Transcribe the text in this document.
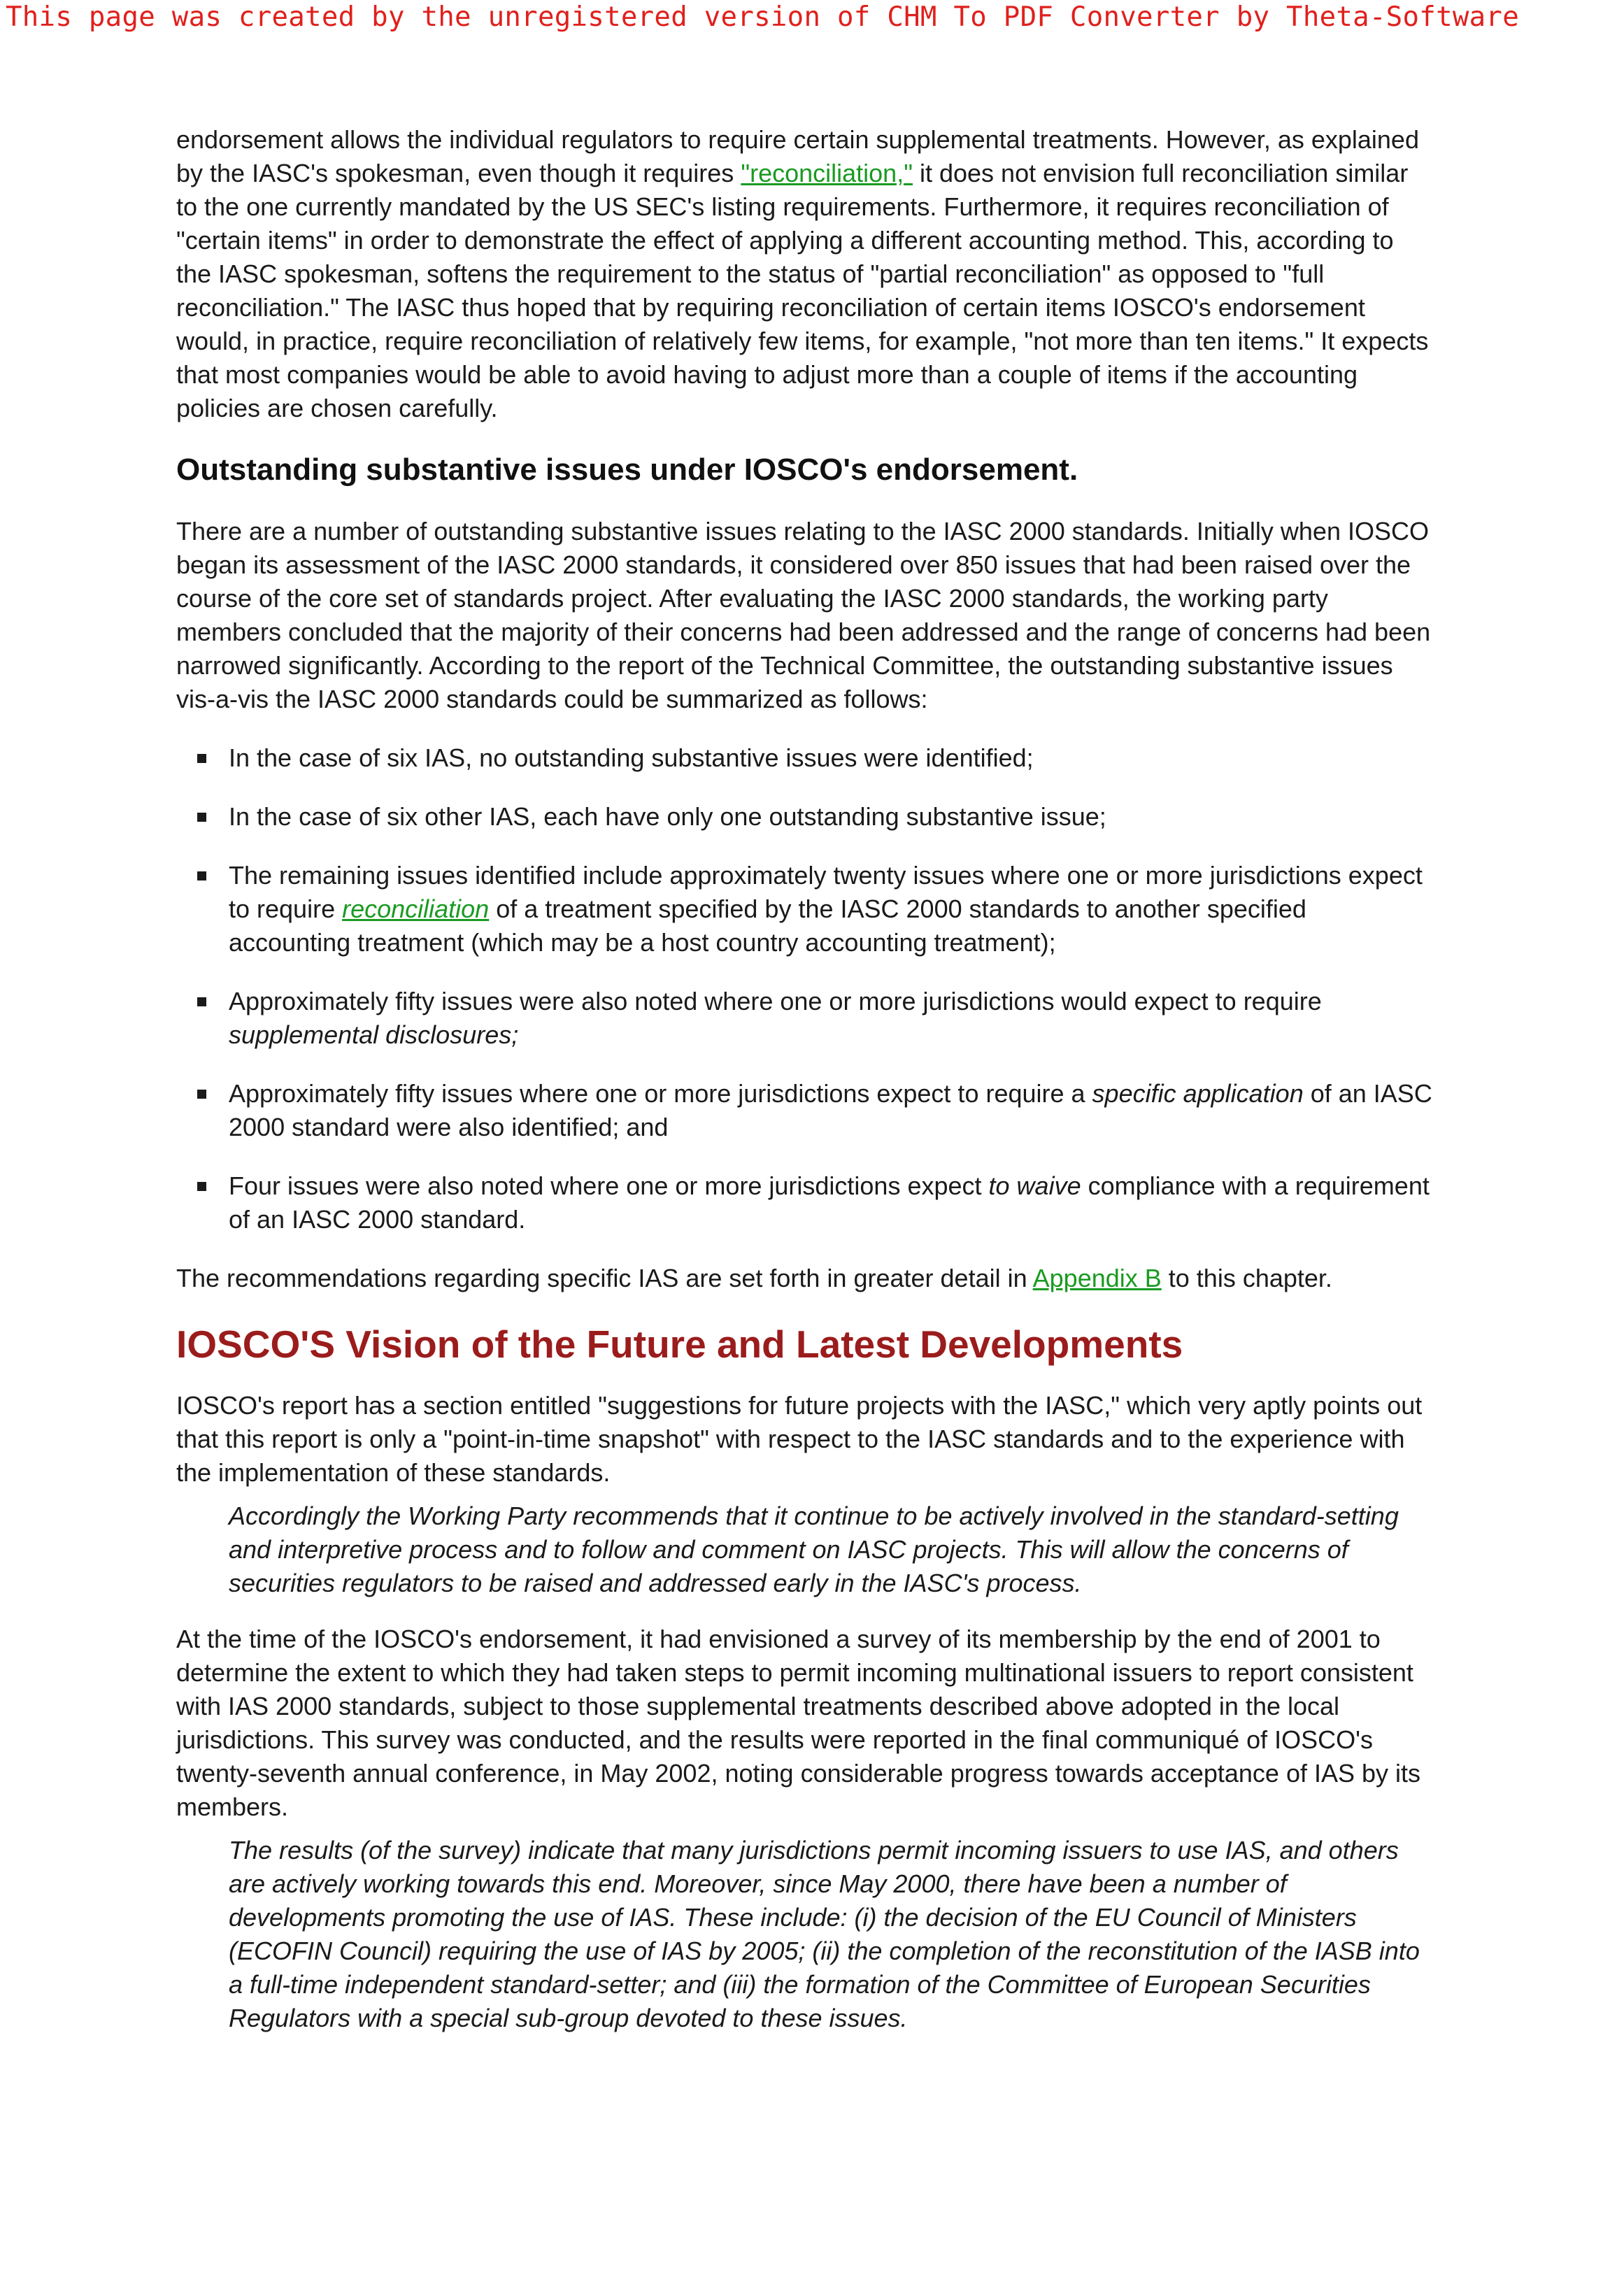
This page was created by the unregistered version of CHM To PDF Converter by Theta-Software

endorsement allows the individual regulators to require certain supplemental treatments. However, as explained by the IASC's spokesman, even though it requires "reconciliation," it does not envision full reconciliation similar to the one currently mandated by the US SEC's listing requirements. Furthermore, it requires reconciliation of "certain items" in order to demonstrate the effect of applying a different accounting method. This, according to the IASC spokesman, softens the requirement to the status of "partial reconciliation" as opposed to "full reconciliation." The IASC thus hoped that by requiring reconciliation of certain items IOSCO's endorsement would, in practice, require reconciliation of relatively few items, for example, "not more than ten items." It expects that most companies would be able to avoid having to adjust more than a couple of items if the accounting policies are chosen carefully.

Outstanding substantive issues under IOSCO's endorsement.

There are a number of outstanding substantive issues relating to the IASC 2000 standards. Initially when IOSCO began its assessment of the IASC 2000 standards, it considered over 850 issues that had been raised over the course of the core set of standards project. After evaluating the IASC 2000 standards, the working party members concluded that the majority of their concerns had been addressed and the range of concerns had been narrowed significantly. According to the report of the Technical Committee, the outstanding substantive issues vis-a-vis the IASC 2000 standards could be summarized as follows:

In the case of six IAS, no outstanding substantive issues were identified;
In the case of six other IAS, each have only one outstanding substantive issue;
The remaining issues identified include approximately twenty issues where one or more jurisdictions expect to require reconciliation of a treatment specified by the IASC 2000 standards to another specified accounting treatment (which may be a host country accounting treatment);
Approximately fifty issues were also noted where one or more jurisdictions would expect to require supplemental disclosures;
Approximately fifty issues where one or more jurisdictions expect to require a specific application of an IASC 2000 standard were also identified; and
Four issues were also noted where one or more jurisdictions expect to waive compliance with a requirement of an IASC 2000 standard.

The recommendations regarding specific IAS are set forth in greater detail in Appendix B to this chapter.

IOSCO'S Vision of the Future and Latest Developments

IOSCO's report has a section entitled "suggestions for future projects with the IASC," which very aptly points out that this report is only a "point-in-time snapshot" with respect to the IASC standards and to the experience with the implementation of these standards.

Accordingly the Working Party recommends that it continue to be actively involved in the standard-setting and interpretive process and to follow and comment on IASC projects. This will allow the concerns of securities regulators to be raised and addressed early in the IASC's process.

At the time of the IOSCO's endorsement, it had envisioned a survey of its membership by the end of 2001 to determine the extent to which they had taken steps to permit incoming multinational issuers to report consistent with IAS 2000 standards, subject to those supplemental treatments described above adopted in the local jurisdictions. This survey was conducted, and the results were reported in the final communiqué of IOSCO's twenty-seventh annual conference, in May 2002, noting considerable progress towards acceptance of IAS by its members.

The results (of the survey) indicate that many jurisdictions permit incoming issuers to use IAS, and others are actively working towards this end. Moreover, since May 2000, there have been a number of developments promoting the use of IAS. These include: (i) the decision of the EU Council of Ministers (ECOFIN Council) requiring the use of IAS by 2005; (ii) the completion of the reconstitution of the IASB into a full-time independent standard-setter; and (iii) the formation of the Committee of European Securities Regulators with a special sub-group devoted to these issues.
